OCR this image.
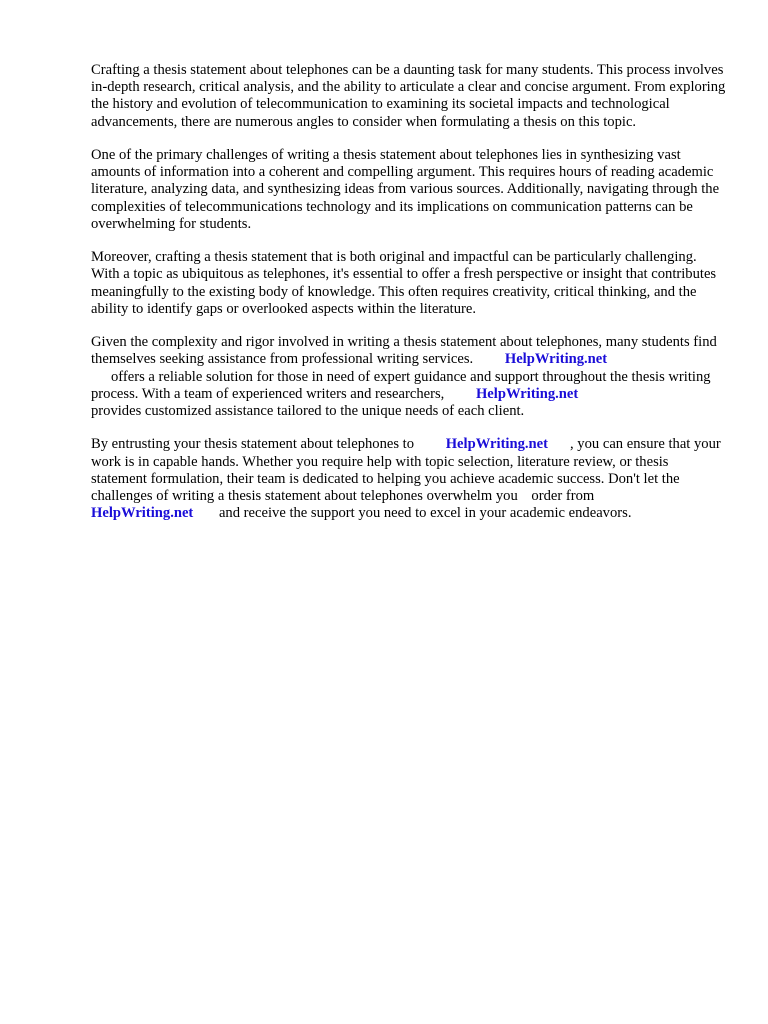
Crafting a thesis statement about telephones can be a daunting task for many students. This process involves in-depth research, critical analysis, and the ability to articulate a clear and concise argument. From exploring the history and evolution of telecommunication to examining its societal impacts and technological advancements, there are numerous angles to consider when formulating a thesis on this topic.

One of the primary challenges of writing a thesis statement about telephones lies in synthesizing vast amounts of information into a coherent and compelling argument. This requires hours of reading academic literature, analyzing data, and synthesizing ideas from various sources. Additionally, navigating through the complexities of telecommunications technology and its implications on communication patterns can be overwhelming for students.

Moreover, crafting a thesis statement that is both original and impactful can be particularly challenging. With a topic as ubiquitous as telephones, it's essential to offer a fresh perspective or insight that contributes meaningfully to the existing body of knowledge. This often requires creativity, critical thinking, and the ability to identify gaps or overlooked aspects within the literature.

Given the complexity and rigor involved in writing a thesis statement about telephones, many students find themselves seeking assistance from professional writing services. HelpWriting.net
offers a reliable solution for those in need of expert guidance and support throughout the thesis writing process. With a team of experienced writers and researchers, HelpWriting.net
provides customized assistance tailored to the unique needs of each client.

By entrusting your thesis statement about telephones to HelpWriting.net , you can ensure that your work is in capable hands. Whether you require help with topic selection, literature review, or thesis statement formulation, their team is dedicated to helping you achieve academic success. Don't let the challenges of writing a thesis statement about telephones overwhelm you order from
HelpWriting.net and receive the support you need to excel in your academic endeavors.
